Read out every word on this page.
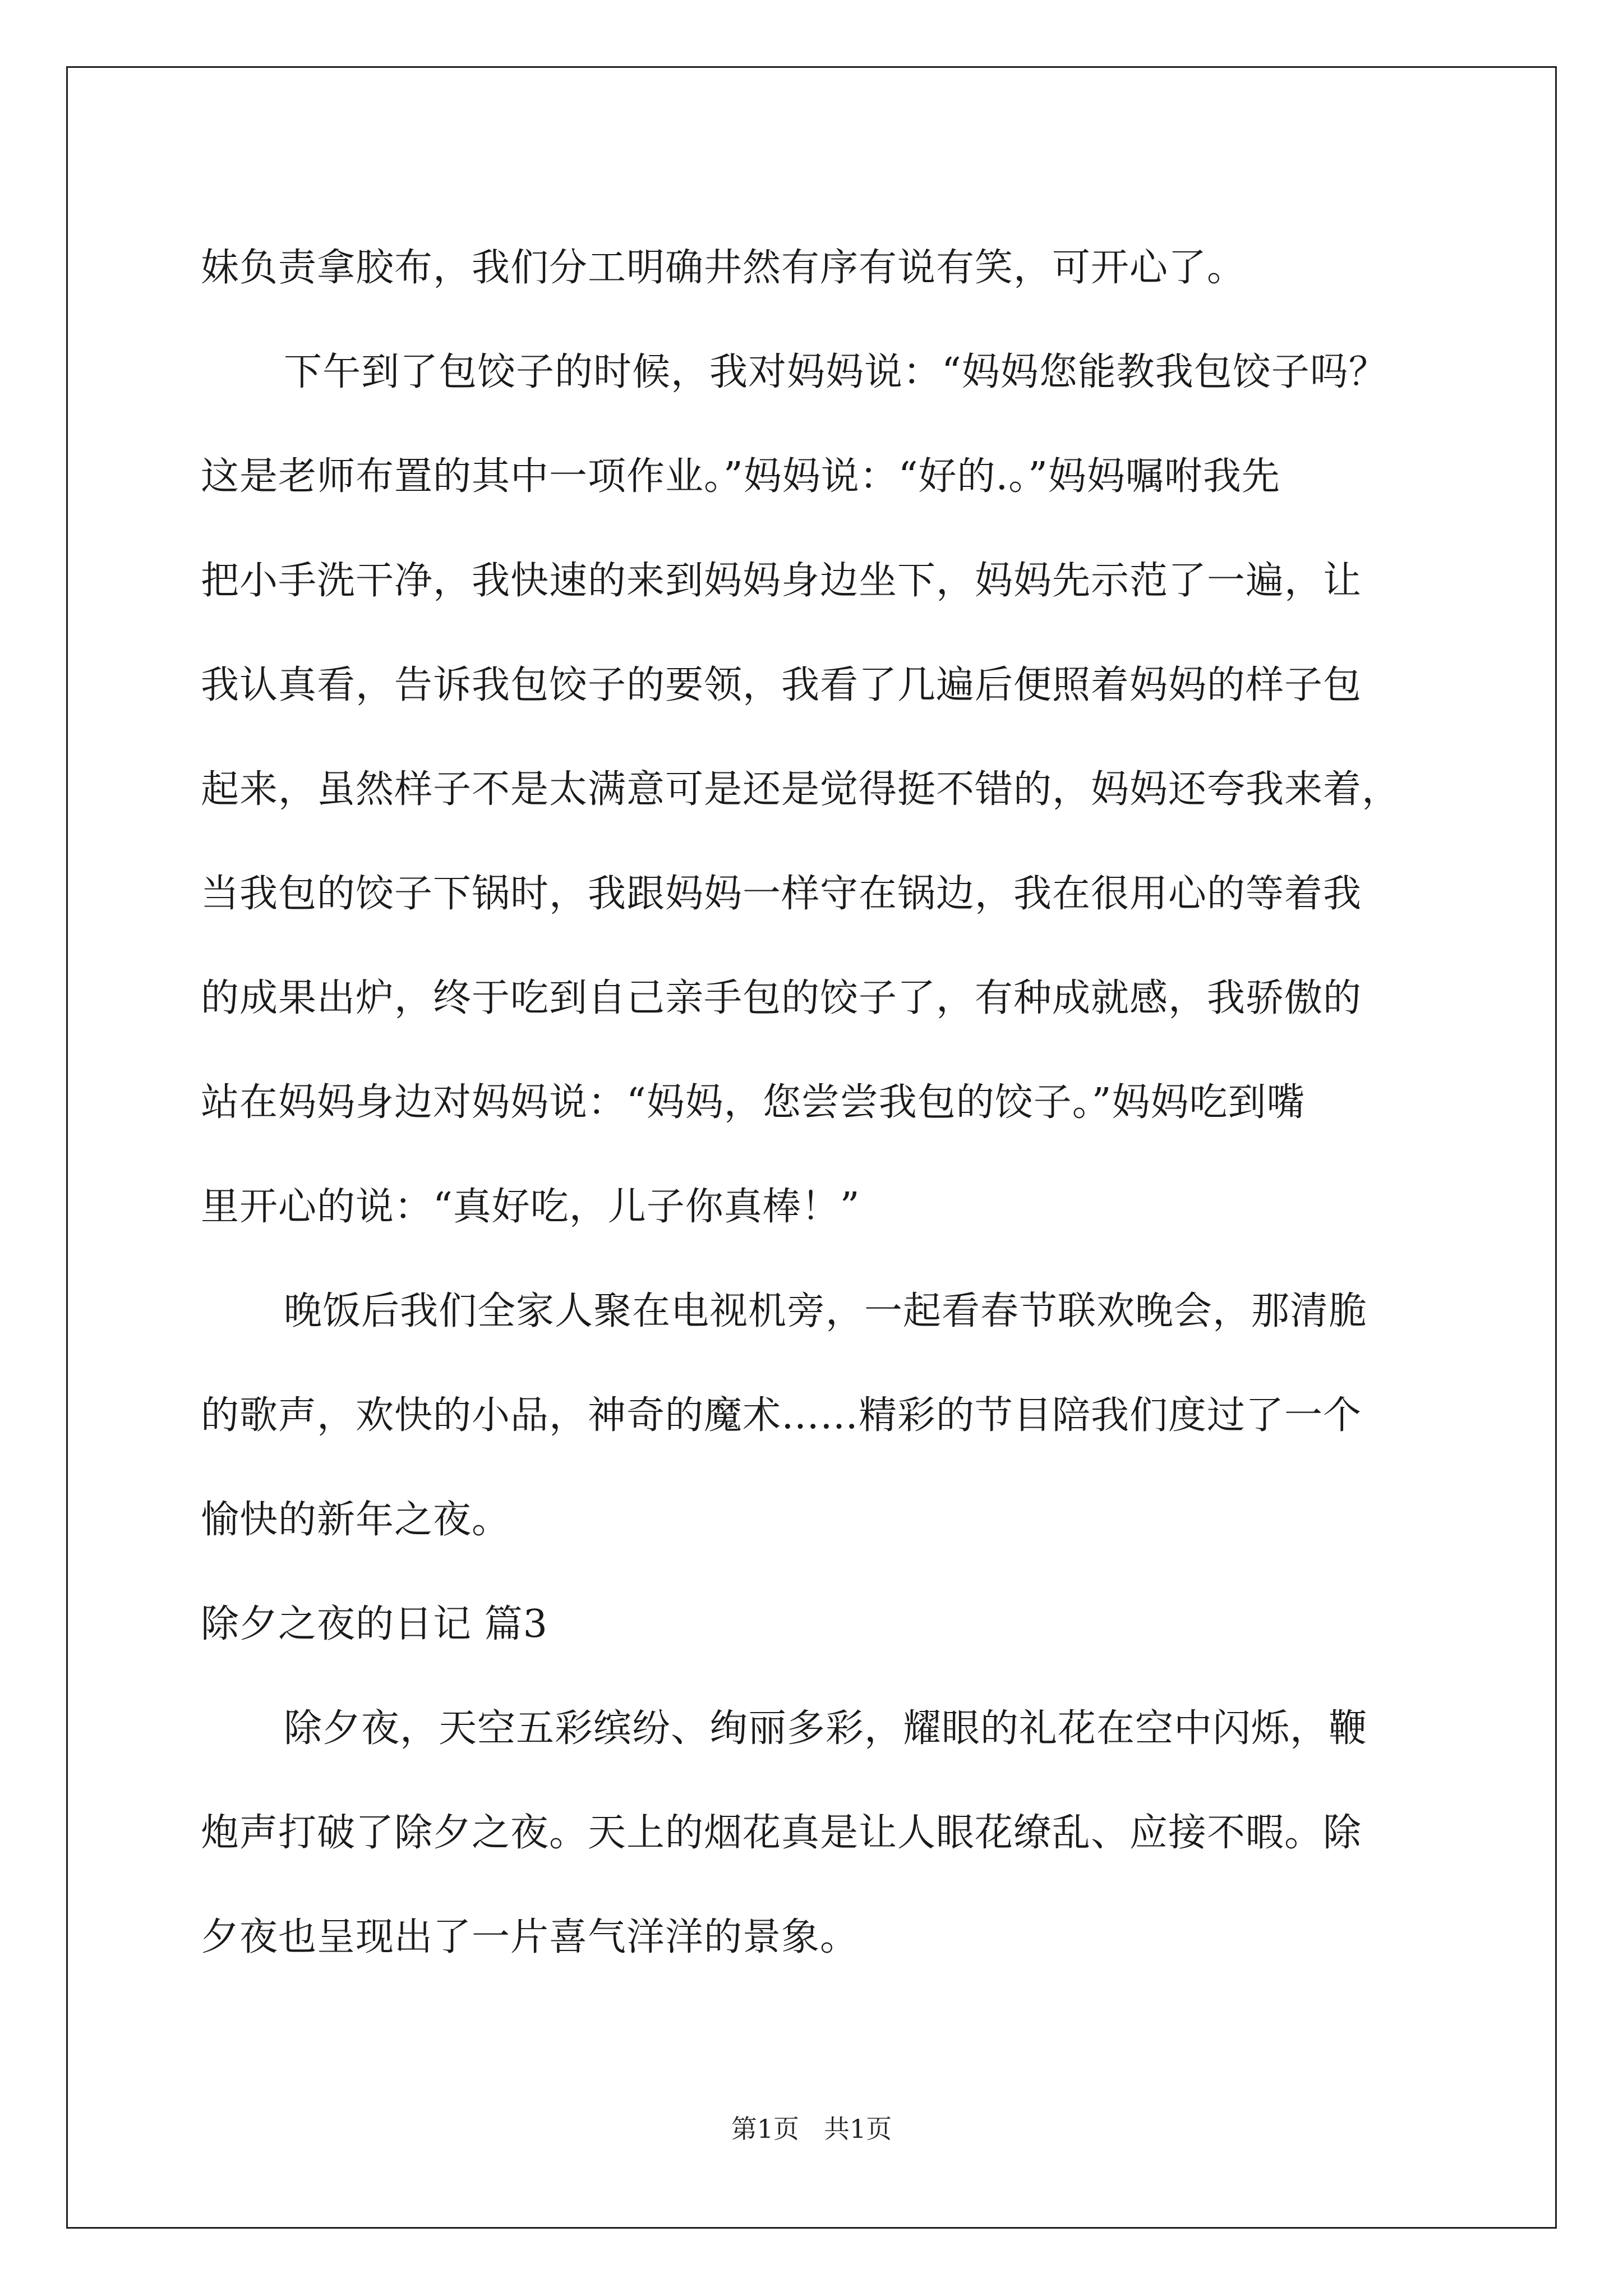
妹负责拿胶布，我们分工明确井然有序有说有笑，可开心了。
下午到了包饺子的时候，我对妈妈说：“妈妈您能教我包饺子吗？
这是老师布置的其中一项作业。”妈妈说：“好的.。”妈妈嘱咐我先
把小手洗干净，我快速的来到妈妈身边坐下，妈妈先示范了一遍，让
我认真看，告诉我包饺子的要领，我看了几遍后便照着妈妈的样子包
起来，虽然样子不是太满意可是还是觉得挺不错的，妈妈还夸我来着，
当我包的饺子下锅时，我跟妈妈一样守在锅边，我在很用心的等着我
的成果出炉，终于吃到自己亲手包的饺子了，有种成就感，我骄傲的
站在妈妈身边对妈妈说：“妈妈，您尝尝我包的饺子。”妈妈吃到嘴
里开心的说：“真好吃，儿子你真棒！”
晚饭后我们全家人聚在电视机旁，一起看春节联欢晚会，那清脆
的歌声，欢快的小品，神奇的魔术……精彩的节目陪我们度过了一个
愉快的新年之夜。
除夕之夜的日记 篇3
除夕夜，天空五彩缤纷、绚丽多彩，耀眼的礼花在空中闪烁，鞭
炮声打破了除夕之夜。天上的烟花真是让人眼花缭乱、应接不暇。除
夕夜也呈现出了一片喜气洋洋的景象。
第1页 共1页
